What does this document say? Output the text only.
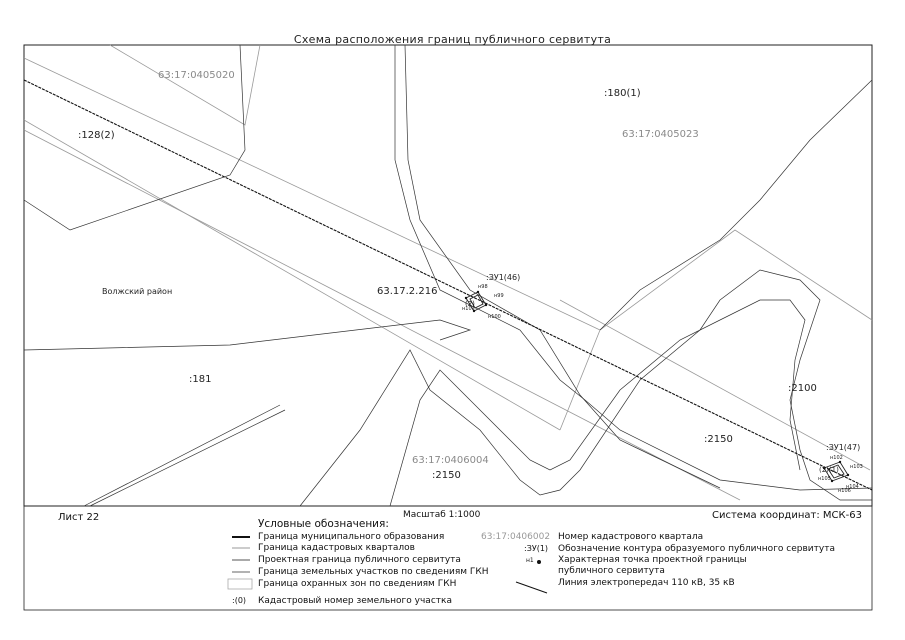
Схема расположения границ публичного сервитута
63:17:0405020
63:17:0405023
63:17:0406004
:180(1)
:128(2)
:181
:2100
:2150
:2150
Волжский район	63.17.2.216
:ЗУ1(46)
:ЗУ1(47)
(2)
(2)(1)
н98
н99
н100
н101
н102
н103
н104
н105
н106
Лист 22	Масштаб 1:1000	Система координат: МСК-63
Условные обозначения:
Граница муниципального образования
Граница кадастровых кварталов
Проектная граница публичного сервитута
Граница земельных участков по сведениям ГКН
Граница охранных зон по сведениям ГКН
:(0) Кадастровый номер земельного участка
63:17:0406002 Номер кадастрового квартала
:ЗУ(1) Обозначение контура образуемого публичного сервитута
н1	Характерная точка проектной границы
публичного сервитута
Линия электропередач 110 кВ, 35 кВ
